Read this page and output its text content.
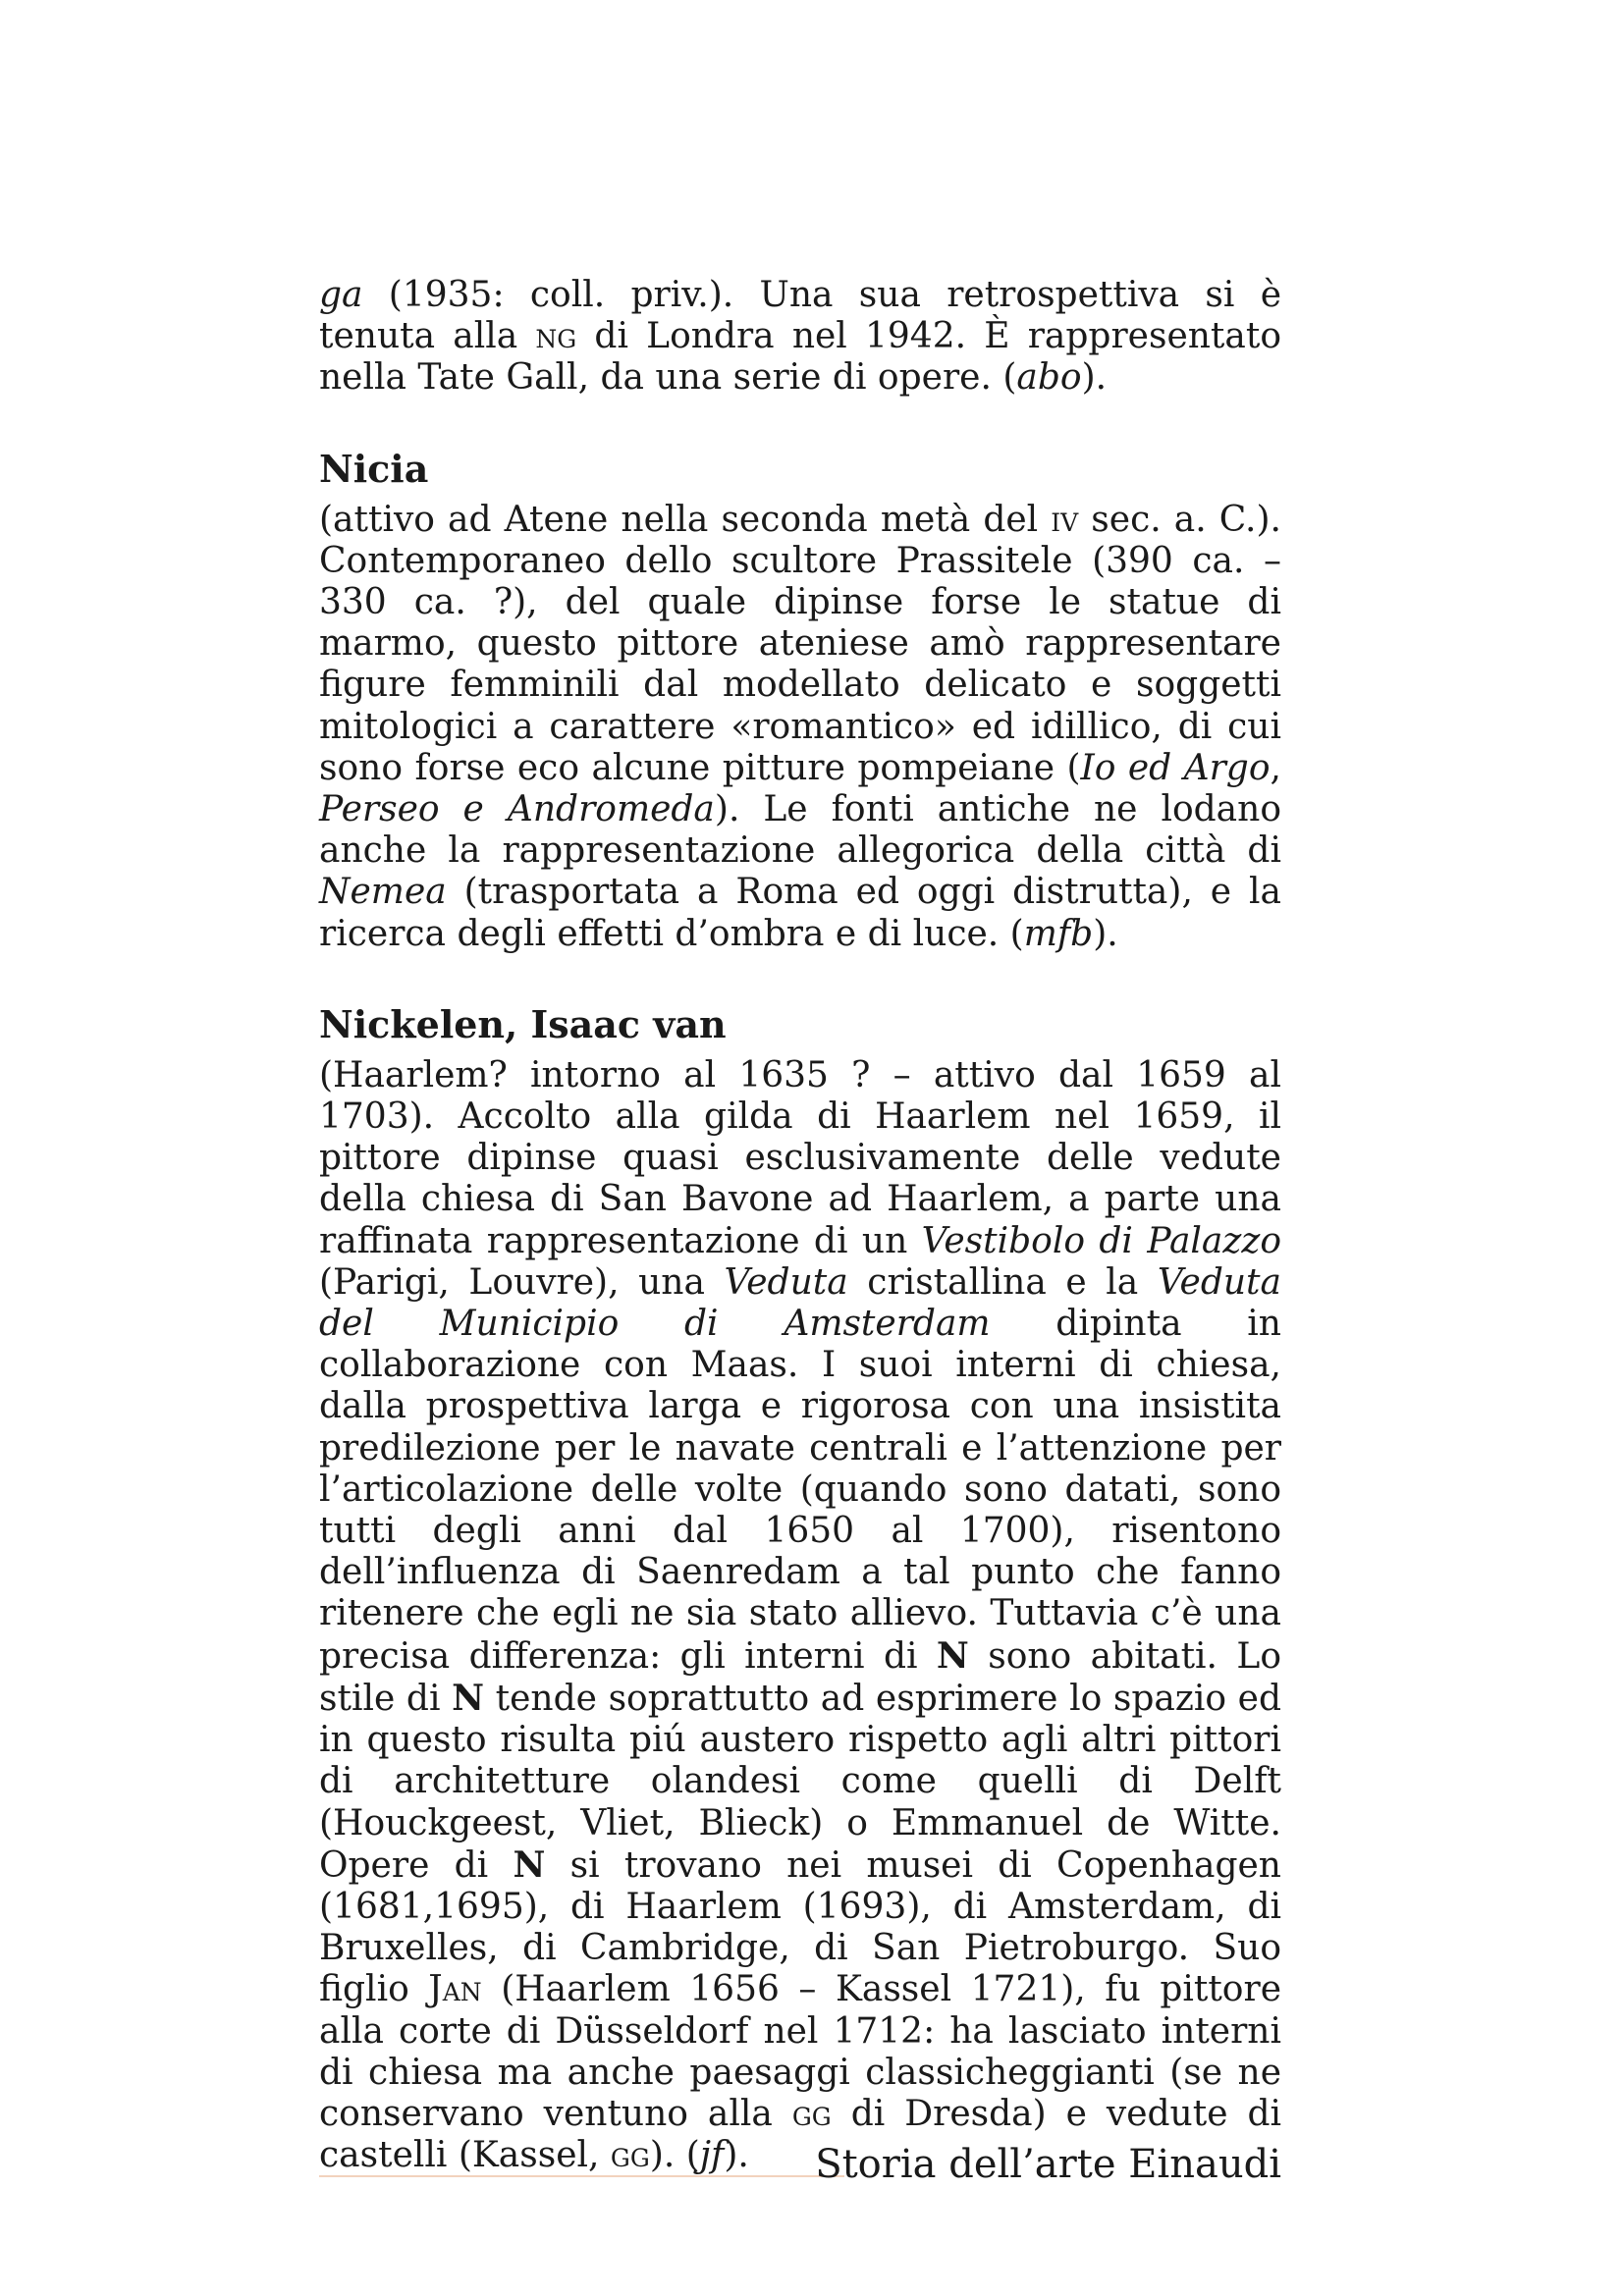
ga (1935: coll. priv.). Una sua retrospettiva si è tenuta alla ng di Londra nel 1942. È rappresentato nella Tate Gall, da una serie di opere. (abo).

Nicia

(attivo ad Atene nella seconda metà del iv sec. a. C.). Contemporaneo dello scultore Prassitele (390 ca. – 330 ca. ?), del quale dipinse forse le statue di marmo, questo pittore ateniese amò rappresentare figure femminili dal modellato delicato e soggetti mitologici a carattere «romantico» ed idillico, di cui sono forse eco alcune pitture pompeiane (Io ed Argo, Perseo e Andromeda). Le fonti antiche ne lodano anche la rappresentazione allegorica della città di Nemea (trasportata a Roma ed oggi distrutta), e la ricerca degli effetti d’ombra e di luce. (mfb).

Nickelen, Isaac van

(Haarlem? intorno al 1635 ? – attivo dal 1659 al 1703). Accolto alla gilda di Haarlem nel 1659, il pittore dipinse quasi esclusivamente delle vedute della chiesa di San Bavone ad Haarlem, a parte una raffinata rappresentazione di un Vestibolo di Palazzo (Parigi, Louvre), una Veduta cristallina e la Veduta del Municipio di Amsterdam dipinta in collaborazione con Maas. I suoi interni di chiesa, dalla prospettiva larga e rigorosa con una insistita predilezione per le navate centrali e l’attenzione per l’articolazione delle volte (quando sono datati, sono tutti degli anni dal 1650 al 1700), risentono dell’influenza di Saenredam a tal punto che fanno ritenere che egli ne sia stato allievo. Tuttavia c’è una precisa differenza: gli interni di N sono abitati. Lo stile di N tende soprattutto ad esprimere lo spazio ed in questo risulta piú austero rispetto agli altri pittori di architetture olandesi come quelli di Delft (Houckgeest, Vliet, Blieck) o Emmanuel de Witte. Opere di N si trovano nei musei di Copenhagen (1681,1695), di Haarlem (1693), di Amsterdam, di Bruxelles, di Cambridge, di San Pietroburgo. Suo figlio Jan (Haarlem 1656 – Kassel 1721), fu pittore alla corte di Düsseldorf nel 1712: ha lasciato interni di chiesa ma anche paesaggi classicheggianti (se ne conservano ventuno alla gg di Dresda) e vedute di castelli (Kassel, gg). (jf).	Storia dell’arte Einaudi
